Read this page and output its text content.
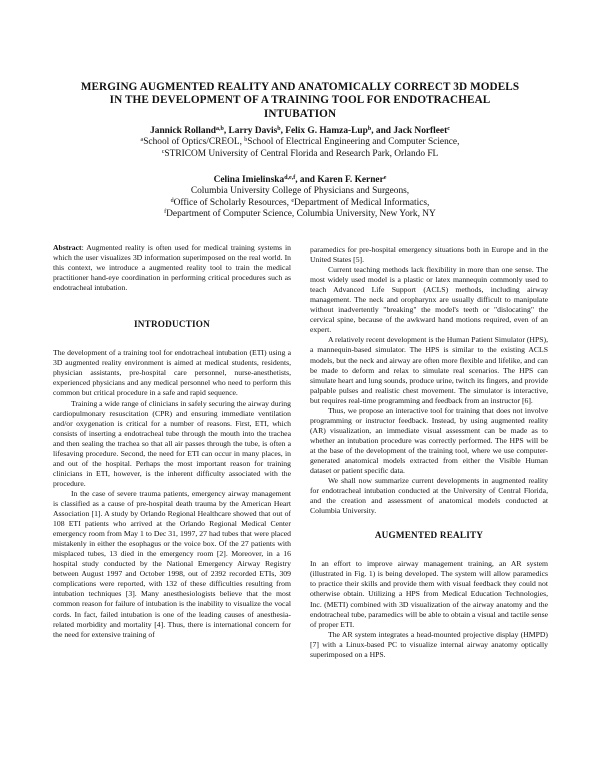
MERGING AUGMENTED REALITY AND ANATOMICALLY CORRECT 3D MODELS
IN THE DEVELOPMENT OF A TRAINING TOOL FOR ENDOTRACHEAL
INTUBATION
Jannick Rolland$^{a,b}$, Larry Davis$^b$, Felix G. Hamza-Lup$^b$, and Jack Norfleet$^c$
$^a$School of Optics/CREOL, $^b$School of Electrical Engineering and Computer Science,
$^c$STRICOM University of Central Florida and Research Park, Orlando FL
Celina Imielinska$^{d,e,f}$, and Karen F. Kerner$^e$
Columbia University College of Physicians and Surgeons,
$^d$Office of Scholarly Resources, $^e$Department of Medical Informatics,
$^f$Department of Computer Science, Columbia University, New York, NY

Abstract: Augmented reality is often used for medical training systems in which the user visualizes 3D information superimposed on the real world. In this context, we introduce a augmented reality tool to train the medical practitioner hand-eye coordination in performing critical procedures such as endotracheal intubation.

INTRODUCTION

The development of a training tool for endotracheal intubation (ETI) using a 3D augmented reality environment is aimed at medical students, residents, physician assistants, pre-hospital care personnel, nurse-anesthetists, experienced physicians and any medical personnel who need to perform this common but critical procedure in a safe and rapid sequence.

Training a wide range of clinicians in safely securing the airway during cardiopulmonary resuscitation (CPR) and ensuring immediate ventilation and/or oxygenation is critical for a number of reasons. First, ETI, which consists of inserting a endotracheal tube through the mouth into the trachea and then sealing the trachea so that all air passes through the tube, is often a lifesaving procedure. Second, the need for ETI can occur in many places, in and out of the hospital. Perhaps the most important reason for training clinicians in ETI, however, is the inherent difficulty associated with the procedure.

In the case of severe trauma patients, emergency airway management is classified as a cause of pre-hospital death trauma by the American Heart Association [1]. A study by Orlando Regional Healthcare showed that out of 108 ETI patients who arrived at the Orlando Regional Medical Center emergency room from May 1 to Dec 31, 1997, 27 had tubes that were placed mistakenly in either the esophagus or the voice box. Of the 27 patients with misplaced tubes, 13 died in the emergency room [2]. Moreover, in a 16 hospital study conducted by the National Emergency Airway Registry between August 1997 and October 1998, out of 2392 recorded ETIs, 309 complications were reported, with 132 of these difficulties resulting from intubation techniques [3]. Many anesthesiologists believe that the most common reason for failure of intubation is the inability to visualize the vocal cords. In fact, failed intubation is one of the leading causes of anesthesia-related morbidity and mortality [4]. Thus, there is international concern for the need for extensive training of

paramedics for pre-hospital emergency situations both in Europe and in the United States [5].

Current teaching methods lack flexibility in more than one sense. The most widely used model is a plastic or latex mannequin commonly used to teach Advanced Life Support (ACLS) methods, including airway management. The neck and oropharynx are usually difficult to manipulate without inadvertently "breaking" the model's teeth or "dislocating" the cervical spine, because of the awkward hand motions required, even of an expert.

A relatively recent development is the Human Patient Simulator (HPS), a mannequin-based simulator. The HPS is similar to the existing ACLS models, but the neck and airway are often more flexible and lifelike, and can be made to deform and relax to simulate real scenarios. The HPS can simulate heart and lung sounds, produce urine, twitch its fingers, and provide palpable pulses and realistic chest movement. The simulator is interactive, but requires real-time programming and feedback from an instructor [6].

Thus, we propose an interactive tool for training that does not involve programming or instructor feedback. Instead, by using augmented reality (AR) visualization, an immediate visual assessment can be made as to whether an intubation procedure was correctly performed. The HPS will be at the base of the development of the training tool, where we use computer-generated anatomical models extracted from either the Visible Human dataset or patient specific data.

We shall now summarize current developments in augmented reality for endotracheal intubation conducted at the University of Central Florida, and the creation and assessment of anatomical models conducted at Columbia University.

AUGMENTED REALITY

In an effort to improve airway management training, an AR system (illustrated in Fig. 1) is being developed. The system will allow paramedics to practice their skills and provide them with visual feedback they could not otherwise obtain. Utilizing a HPS from Medical Education Technologies, Inc. (METI) combined with 3D visualization of the airway anatomy and the endotracheal tube, paramedics will be able to obtain a visual and tactile sense of proper ETI.

The AR system integrates a head-mounted projective display (HMPD) [7] with a Linux-based PC to visualize internal airway anatomy optically superimposed on a HPS.
